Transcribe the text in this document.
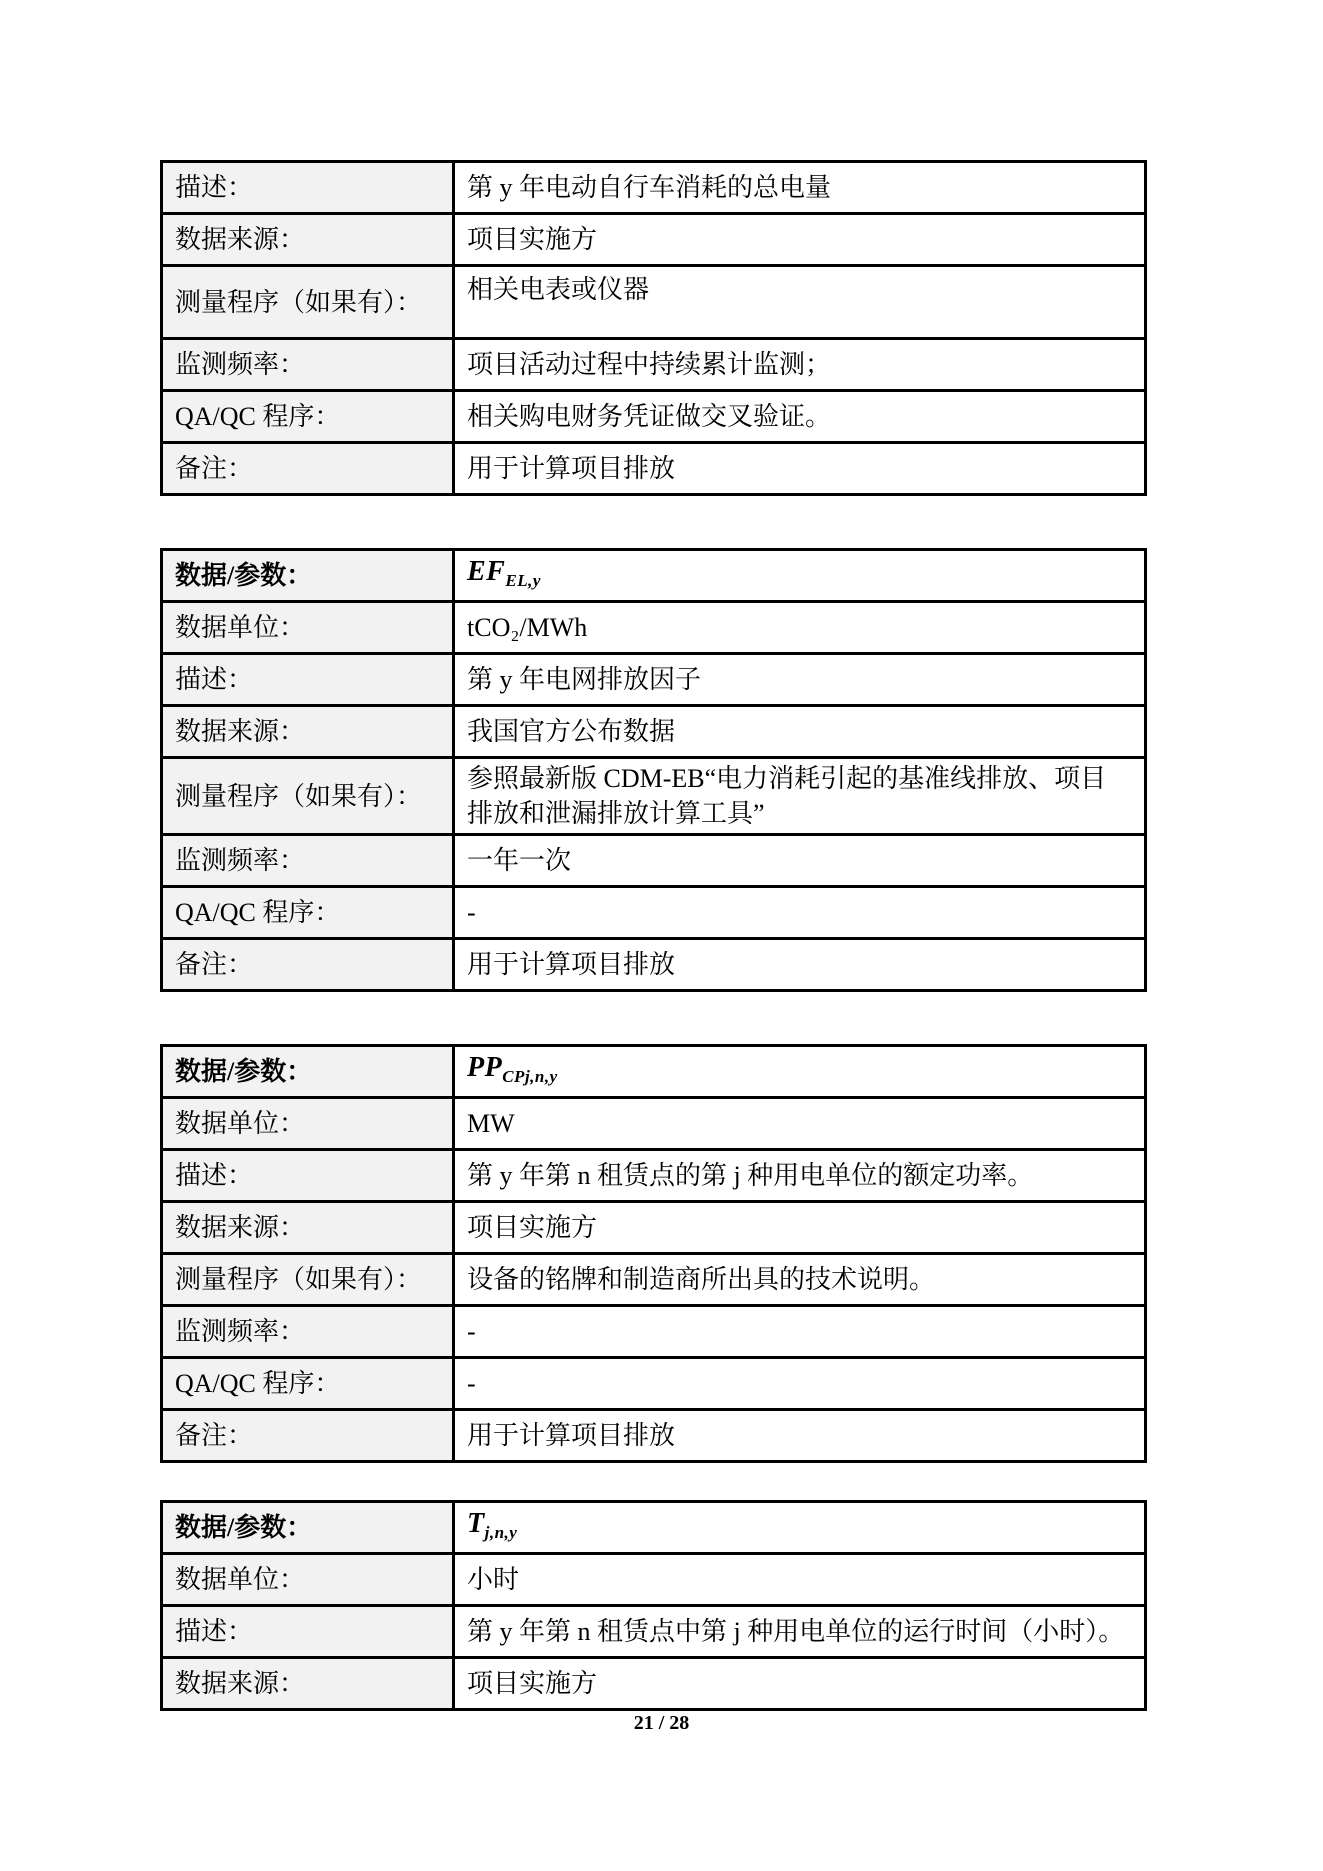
描述：	第 y 年电动自行车消耗的总电量
数据来源：	项目实施方
测量程序（如果有）：	相关电表或仪器
监测频率：	项目活动过程中持续累计监测；
QA/QC 程序：	相关购电财务凭证做交叉验证。
备注：	用于计算项目排放
数据/参数：	$EF_{EL,y}$
数据单位：	tCO₂/MWh
描述：	第 y 年电网排放因子
数据来源：	我国官方公布数据
测量程序（如果有）：	参照最新版 CDM-EB“电力消耗引起的基准线排放、项目排放和泄漏排放计算工具”
监测频率：	一年一次
QA/QC 程序：	-
备注：	用于计算项目排放
数据/参数：	$PP_{CPj,n,y}$
数据单位：	MW
描述：	第 y 年第 n 租赁点的第 j 种用电单位的额定功率。
数据来源：	项目实施方
测量程序（如果有）：	设备的铭牌和制造商所出具的技术说明。
监测频率：	-
QA/QC 程序：	-
备注：	用于计算项目排放
数据/参数：	$T_{j,n,y}$
数据单位：	小时
描述：	第 y 年第 n 租赁点中第 j 种用电单位的运行时间（小时）。
数据来源：	项目实施方
21 / 28
